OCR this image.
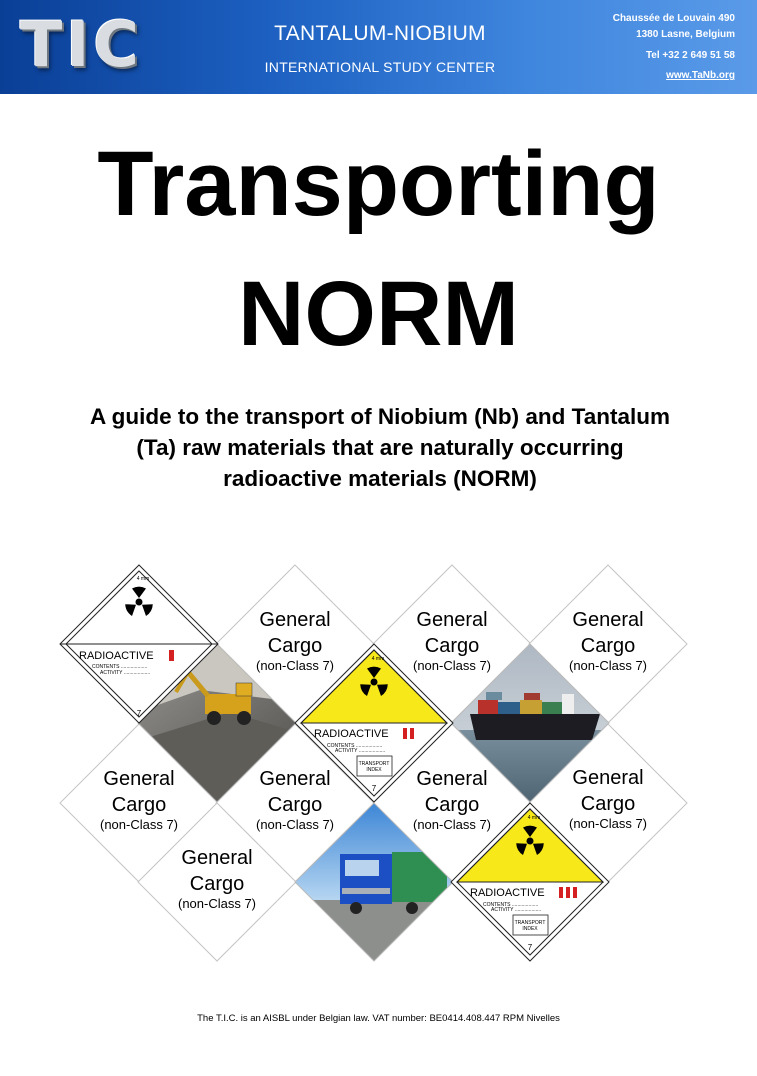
TIC	TANTALUM-NIOBIUM
INTERNATIONAL STUDY CENTER
Chaussée de Louvain 490
1380 Lasne, Belgium
Tel +32 2 649 51 58
www.TaNb.org
Transporting
NORM
A guide to the transport of Niobium (Nb) and Tantalum (Ta) raw materials that are naturally occurring radioactive materials (NORM)
General
Cargo
(non-Class 7)
General
Cargo
(non-Class 7)
General
Cargo
(non-Class 7)
General
Cargo
(non-Class 7)
General
Cargo
(non-Class 7)
General
Cargo
(non-Class 7)
General
Cargo
(non-Class 7)
General
Cargo
(non-Class 7)
4 mm
RADIOACTIVE
CONTENTS ...................
ACTIVITY ...................
7
4 mm
RADIOACTIVE
CONTENTS ...................
ACTIVITY ...................
TRANSPORT
INDEX
7
4 mm
RADIOACTIVE
CONTENTS ...................
ACTIVITY ...................
TRANSPORT
INDEX
7
The T.I.C. is an AISBL under Belgian law. VAT number: BE0414.408.447 RPM Nivelles
